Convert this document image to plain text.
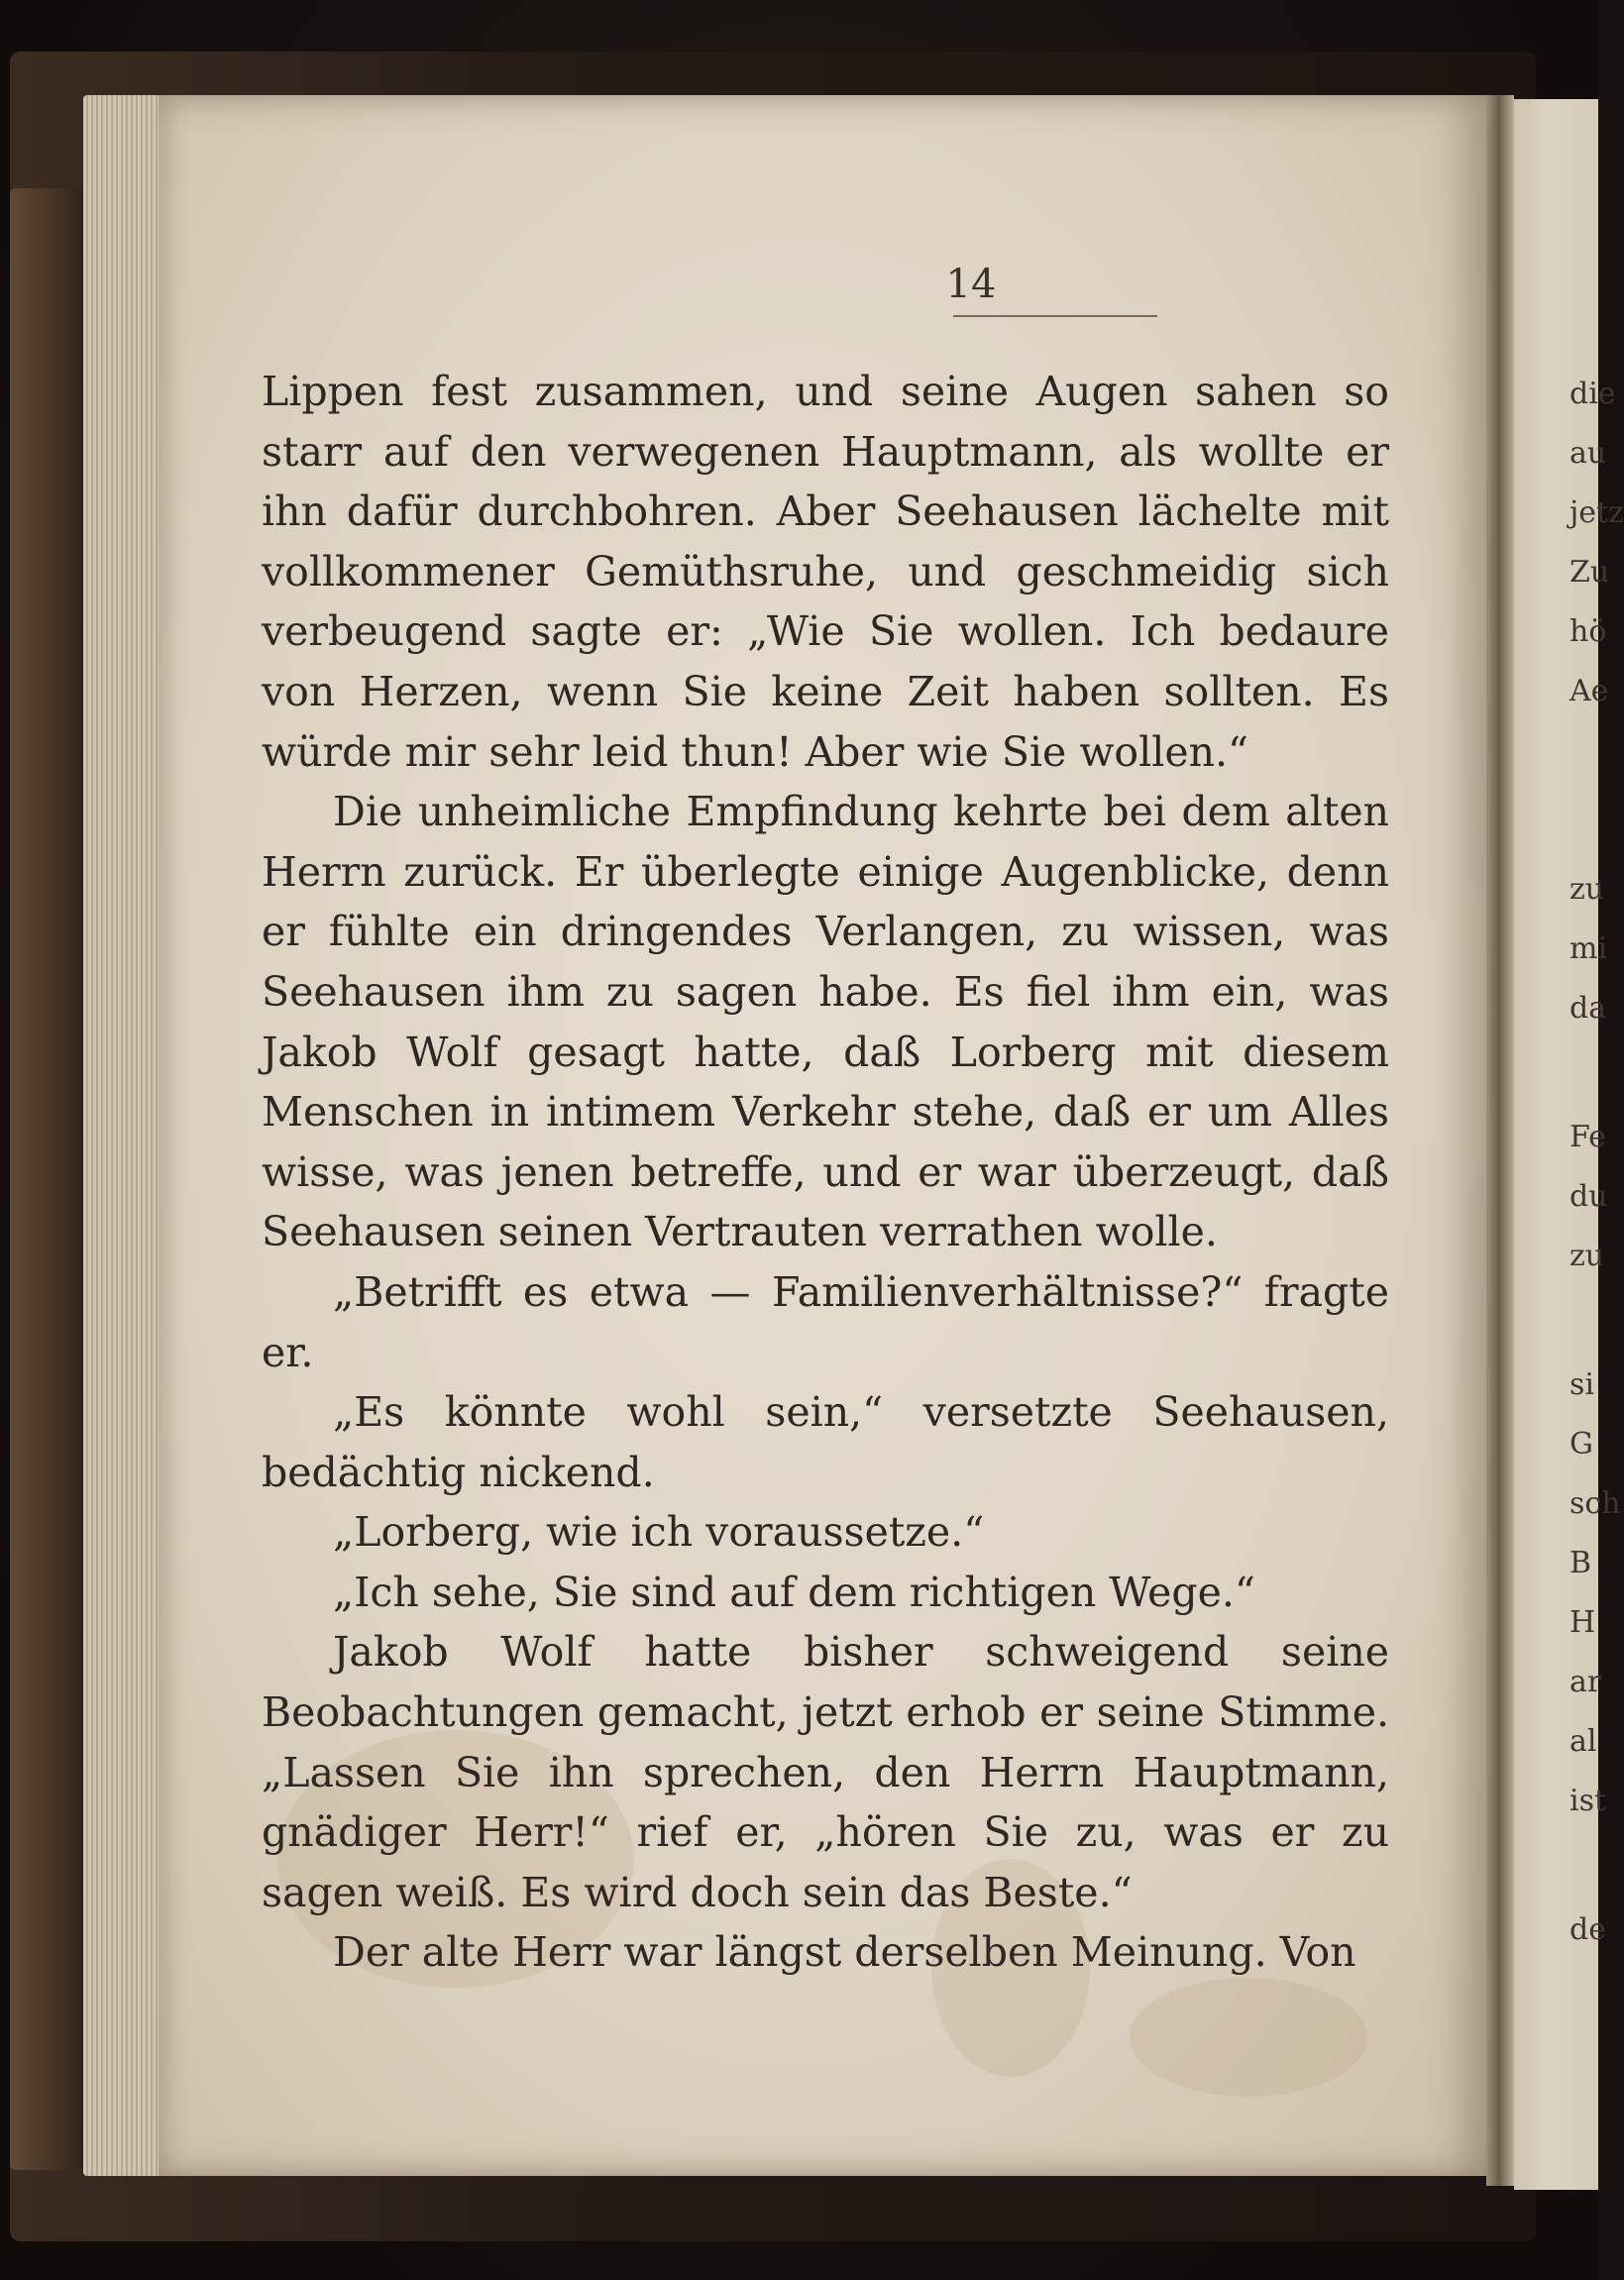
14

Lippen fest zusammen, und seine Augen sahen so starr auf den verwegenen Hauptmann, als wollte er ihn dafür durchbohren. Aber Seehausen lächelte mit vollkommener Gemüthsruhe, und geschmeidig sich verbeugend sagte er: „Wie Sie wollen. Ich bedaure von Herzen, wenn Sie keine Zeit haben sollten. Es würde mir sehr leid thun! Aber wie Sie wollen.“

Die unheimliche Empfindung kehrte bei dem alten Herrn zurück. Er überlegte einige Augenblicke, denn er fühlte ein dringendes Verlangen, zu wissen, was Seehausen ihm zu sagen habe. Es fiel ihm ein, was Jakob Wolf gesagt hatte, daß Lorberg mit diesem Menschen in intimem Verkehr stehe, daß er um Alles wisse, was jenen betreffe, und er war überzeugt, daß Seehausen seinen Vertrauten verrathen wolle.

„Betrifft es etwa — Familienverhältnisse?“ fragte er.

„Es könnte wohl sein,“ versetzte Seehausen, bedächtig nickend.

„Lorberg, wie ich voraussetze.“

„Ich sehe, Sie sind auf dem richtigen Wege.“

Jakob Wolf hatte bisher schweigend seine Beobachtungen gemacht, jetzt erhob er seine Stimme. „Lassen Sie ihn sprechen, den Herrn Hauptmann, gnädiger Herr!“ rief er, „hören Sie zu, was er zu sagen weiß. Es wird doch sein das Beste.“

Der alte Herr war längst derselben Meinung. Von

die
au
jetz
Zu
hö
Ae
zu
mi
da
Fe
du
zu
si
G
sch
B
H
ar
al
ist
de
